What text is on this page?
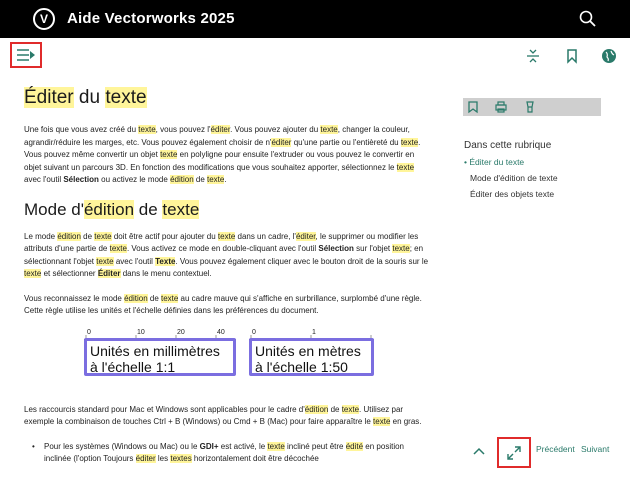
V	Aide Vectorworks 2025
Éditer du texte

Une fois que vous avez créé du texte, vous pouvez l'éditer. Vous pouvez ajouter du texte, changer la couleur, agrandir/réduire les marges, etc. Vous pouvez également choisir de n'éditer qu'une partie ou l'entièreté du texte. Vous pouvez même convertir un objet texte en polyligne pour ensuite l'extruder ou vous pouvez le convertir en objet suivant un parcours 3D. En fonction des modifications que vous souhaitez apporter, sélectionnez le texte avec l'outil Sélection ou activez le mode édition de texte.

Mode d'édition de texte

Le mode édition de texte doit être actif pour ajouter du texte dans un cadre, l'éditer, le supprimer ou modifier les attributs d'une partie de texte. Vous activez ce mode en double-cliquant avec l'outil Sélection sur l'objet texte; en sélectionnant l'objet texte avec l'outil Texte. Vous pouvez également cliquer avec le bouton droit de la souris sur le texte et sélectionner Éditer dans le menu contextuel.

Vous reconnaissez le mode édition de texte au cadre mauve qui s'affiche en surbrillance, surplombé d'une règle. Cette règle utilise les unités et l'échelle définies dans les préférences du document.

0	10	20	40
Unités en millimètres à l'échelle 1:1
0	1
Unités en mètres à l'échelle 1:50

Les raccourcis standard pour Mac et Windows sont applicables pour le cadre d'édition de texte. Utilisez par exemple la combinaison de touches Ctrl + B (Windows) ou Cmd + B (Mac) pour faire apparaître le texte en gras.

• Pour les systèmes (Windows ou Mac) ou le GDI+ est activé, le texte incliné peut être édité en position inclinée (l'option Toujours éditer les textes horizontalement doit être décochée

Dans cette rubrique
• Éditer du texte
Mode d'édition de texte
Éditer des objets texte
Précédent Suivant
